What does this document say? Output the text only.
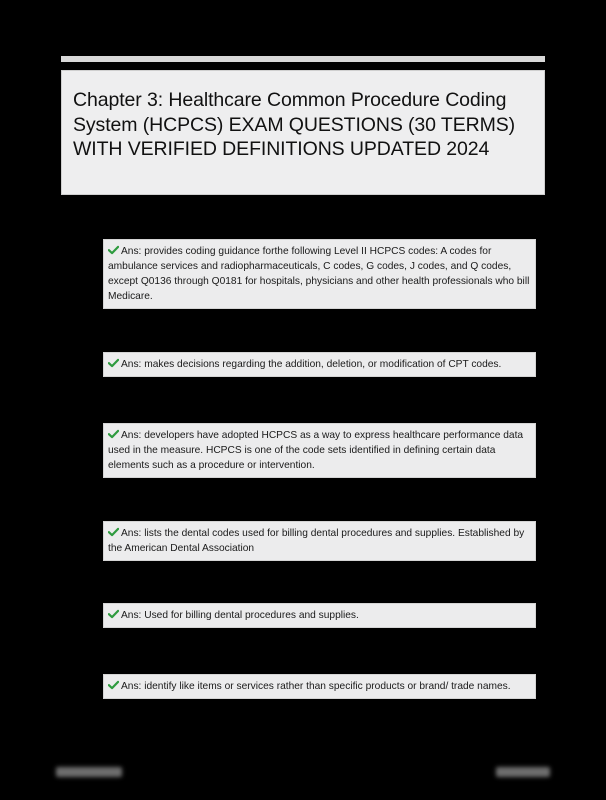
Chapter 3: Healthcare Common Procedure Coding System (HCPCS) EXAM QUESTIONS (30 TERMS) WITH VERIFIED DEFINITIONS UPDATED 2024
Ans: provides coding guidance forthe following Level II HCPCS codes: A codes for ambulance services and radiopharmaceuticals, C codes, G codes, J codes, and Q codes, except Q0136 through Q0181 for hospitals, physicians and other health professionals who bill Medicare.
Ans: makes decisions regarding the addition, deletion, or modification of CPT codes.
Ans: developers have adopted HCPCS as a way to express healthcare performance data used in the measure. HCPCS is one of the code sets identified in defining certain data elements such as a procedure or intervention.
Ans: lists the dental codes used for billing dental procedures and supplies. Established by the American Dental Association
Ans: Used for billing dental procedures and supplies.
Ans: identify like items or services rather than specific products or brand/ trade names.
